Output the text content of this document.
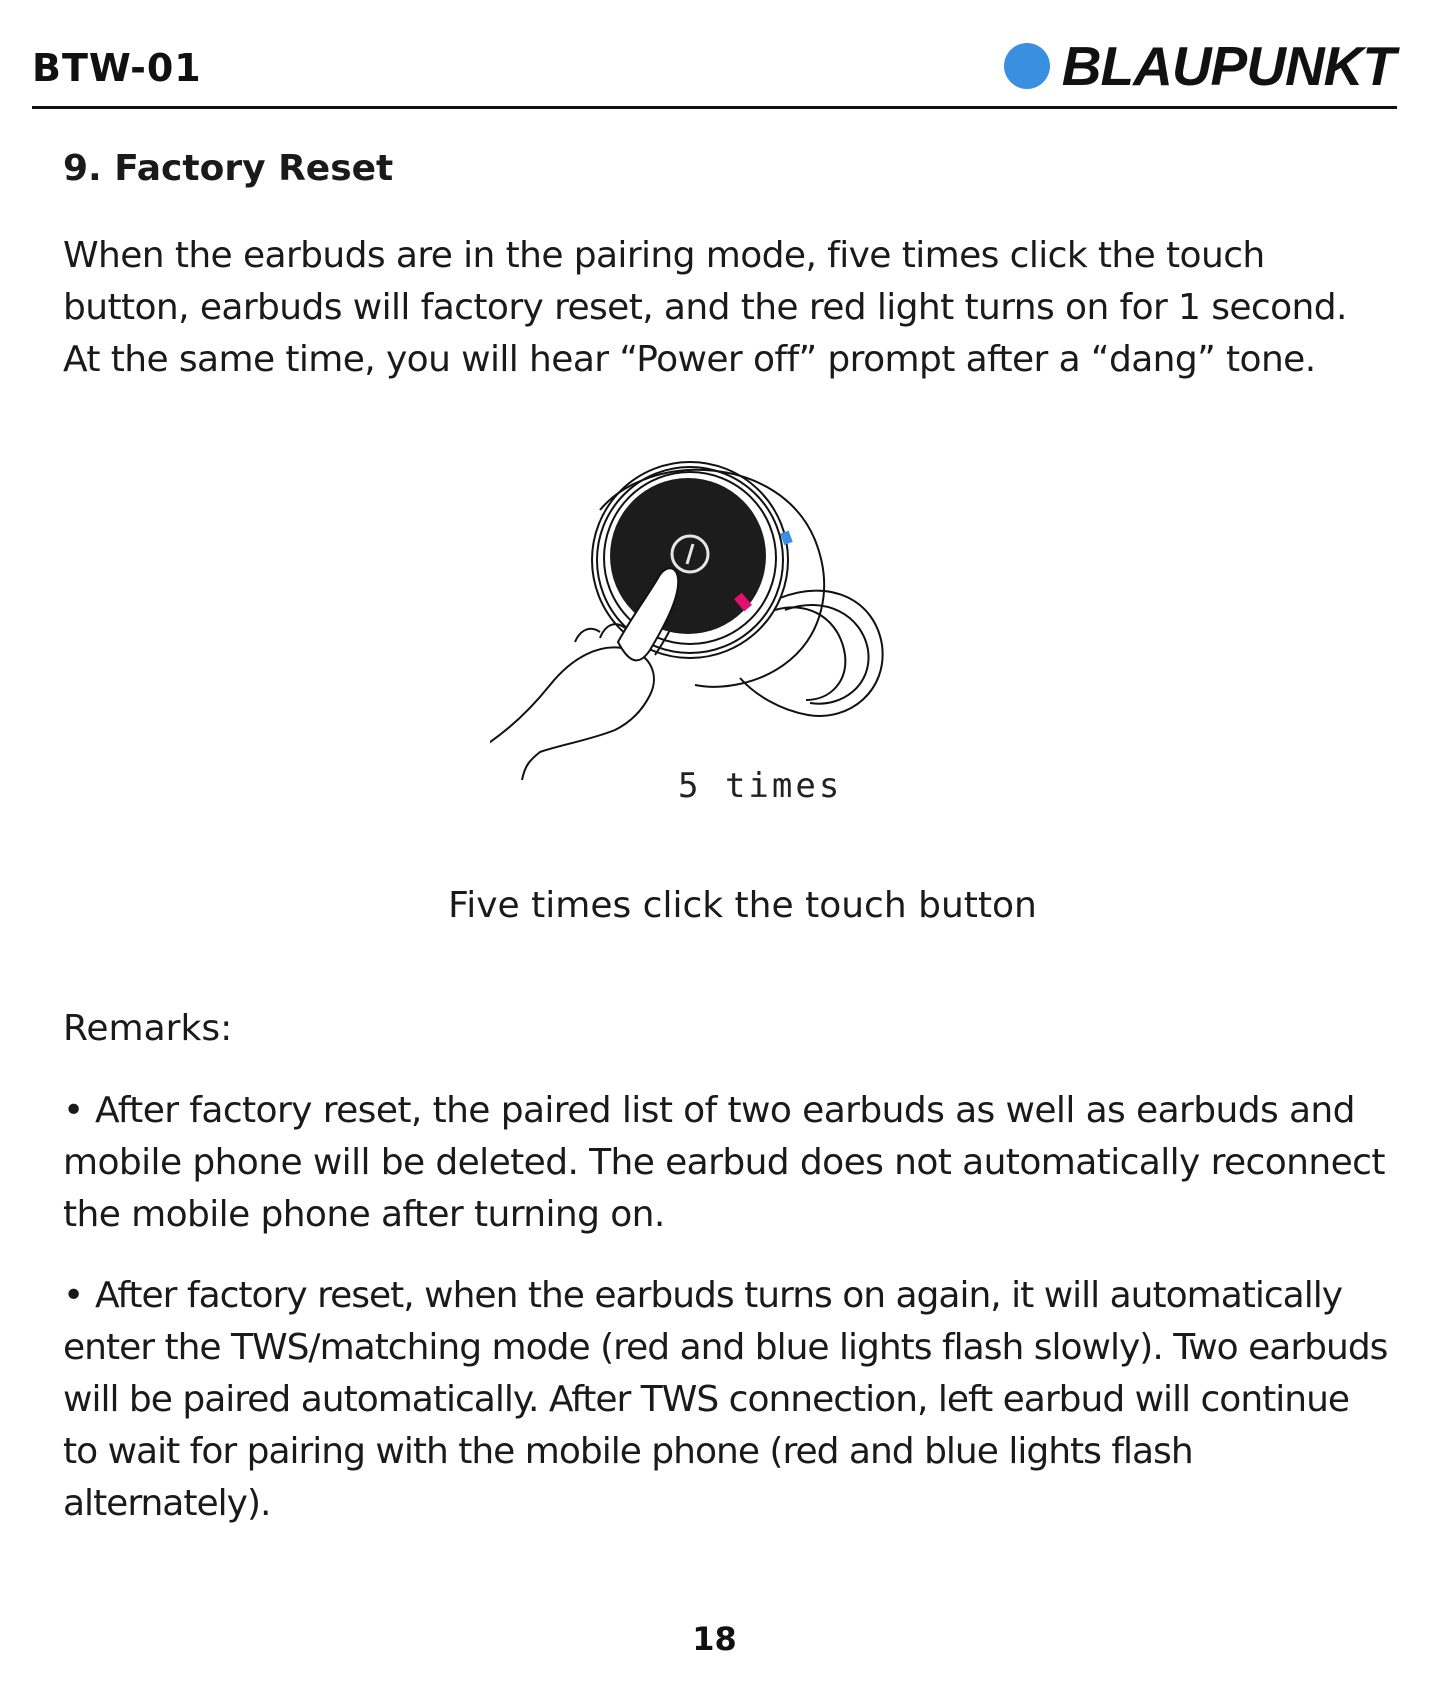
BTW-01	BLAUPUNKT
9. Factory Reset

When the earbuds are in the pairing mode, five times click the touch button, earbuds will factory reset, and the red light turns on for 1 second. At the same time, you will hear “Power off” prompt after a “dang” tone.

5 times

Five times click the touch button

Remarks:

• After factory reset, the paired list of two earbuds as well as earbuds and mobile phone will be deleted. The earbud does not automatically reconnect the mobile phone after turning on.

• After factory reset, when the earbuds turns on again, it will automatically enter the TWS/matching mode (red and blue lights flash slowly). Two earbuds will be paired automatically. After TWS connection, left earbud will continue to wait for pairing with the mobile phone (red and blue lights flash alternately).

18
